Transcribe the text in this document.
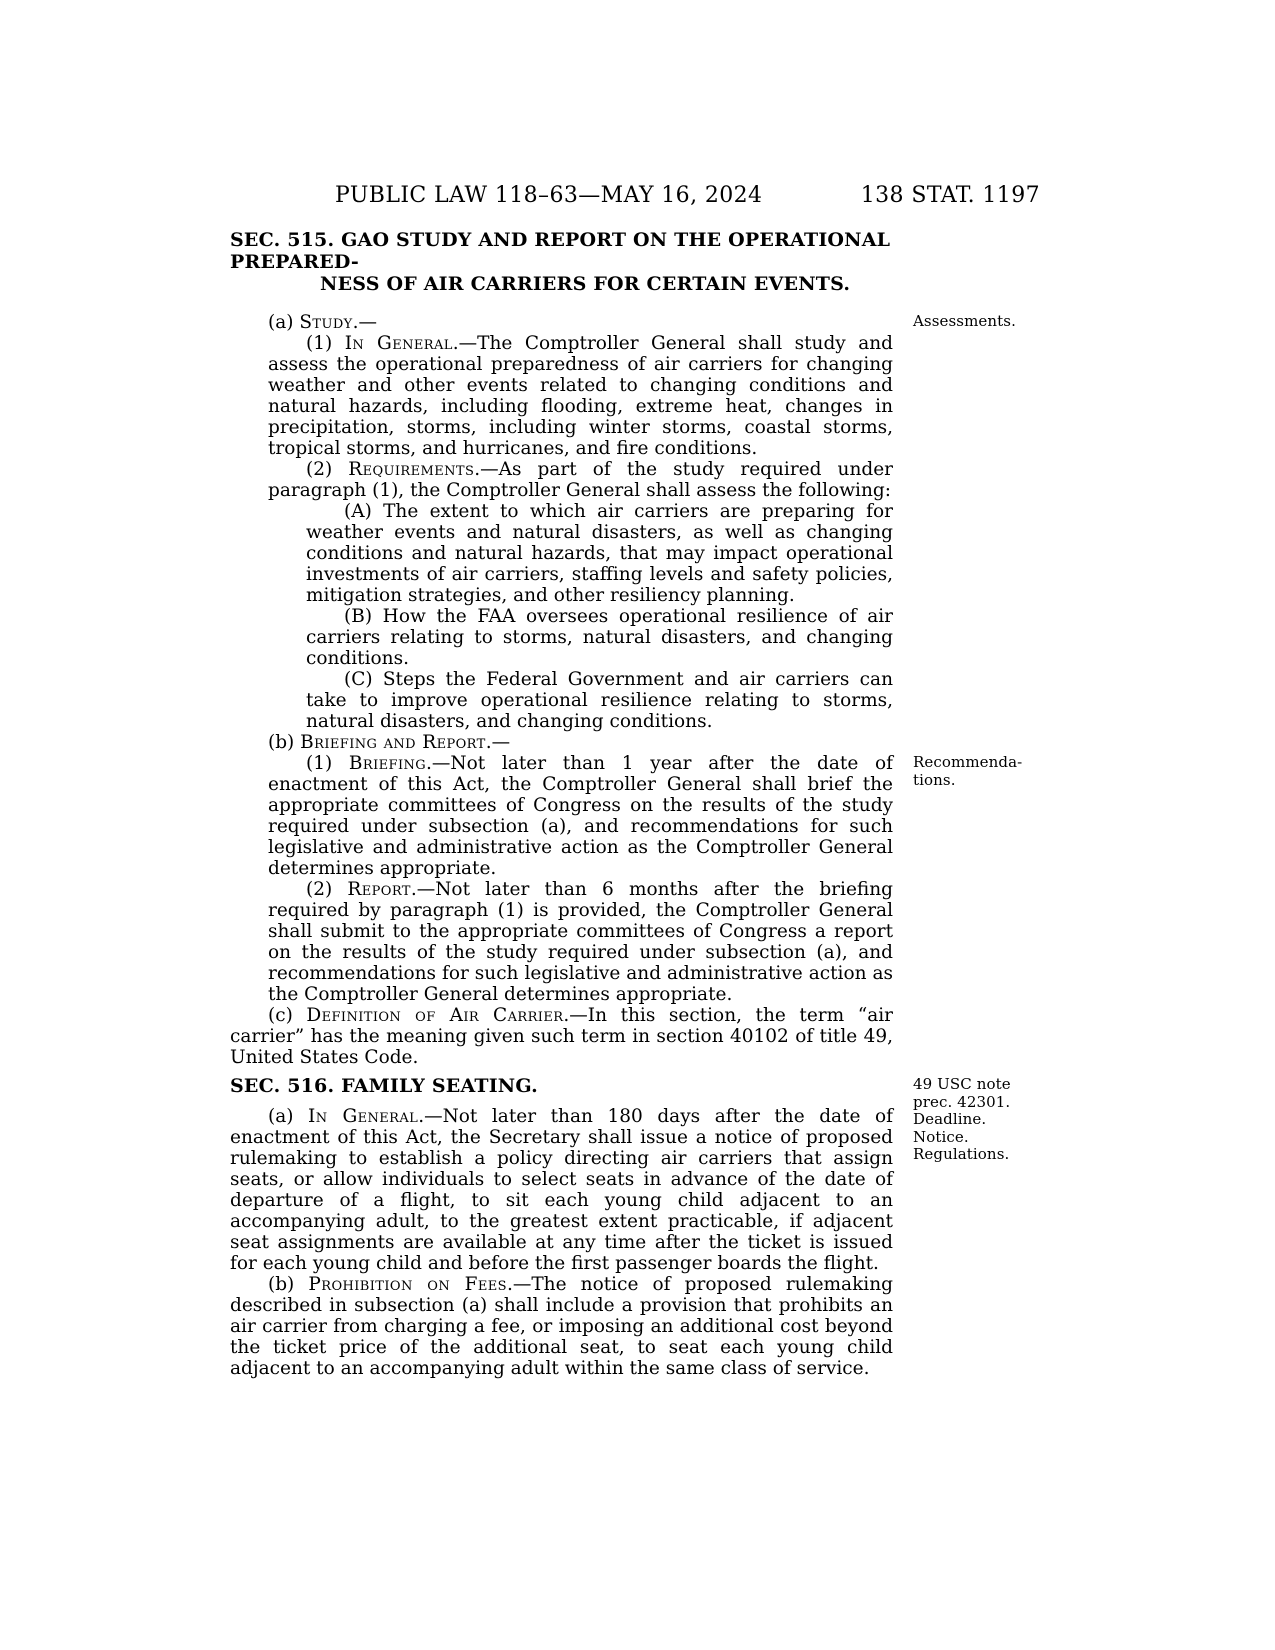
PUBLIC LAW 118–63—MAY 16, 2024	138 STAT. 1197
SEC. 515. GAO STUDY AND REPORT ON THE OPERATIONAL PREPARED-
NESS OF AIR CARRIERS FOR CERTAIN EVENTS.

(a) Study.—	Assessments.

(1) In General.—The Comptroller General shall study and assess the operational preparedness of air carriers for changing weather and other events related to changing conditions and natural hazards, including flooding, extreme heat, changes in precipitation, storms, including winter storms, coastal storms, tropical storms, and hurricanes, and fire conditions.

(2) Requirements.—As part of the study required under paragraph (1), the Comptroller General shall assess the following:

(A) The extent to which air carriers are preparing for weather events and natural disasters, as well as changing conditions and natural hazards, that may impact operational investments of air carriers, staffing levels and safety policies, mitigation strategies, and other resiliency planning.

(B) How the FAA oversees operational resilience of air carriers relating to storms, natural disasters, and changing conditions.

(C) Steps the Federal Government and air carriers can take to improve operational resilience relating to storms, natural disasters, and changing conditions.

(b) Briefing and Report.—

(1) Briefing.—Not later than 1 year after the date of enactment of this Act, the Comptroller General shall brief the appropriate committees of Congress on the results of the study required under subsection (a), and recommendations for such legislative and administrative action as the Comptroller General determines appropriate.
Recommenda-
tions.

(2) Report.—Not later than 6 months after the briefing required by paragraph (1) is provided, the Comptroller General shall submit to the appropriate committees of Congress a report on the results of the study required under subsection (a), and recommendations for such legislative and administrative action as the Comptroller General determines appropriate.

(c) Definition of Air Carrier.—In this section, the term “air carrier” has the meaning given such term in section 40102 of title 49, United States Code.

SEC. 516. FAMILY SEATING.	49 USC note
prec. 42301.
Deadline.
Notice.
Regulations.

(a) In General.—Not later than 180 days after the date of enactment of this Act, the Secretary shall issue a notice of proposed rulemaking to establish a policy directing air carriers that assign seats, or allow individuals to select seats in advance of the date of departure of a flight, to sit each young child adjacent to an accompanying adult, to the greatest extent practicable, if adjacent seat assignments are available at any time after the ticket is issued for each young child and before the first passenger boards the flight.

(b) Prohibition on Fees.—The notice of proposed rulemaking described in subsection (a) shall include a provision that prohibits an air carrier from charging a fee, or imposing an additional cost beyond the ticket price of the additional seat, to seat each young child adjacent to an accompanying adult within the same class of service.
